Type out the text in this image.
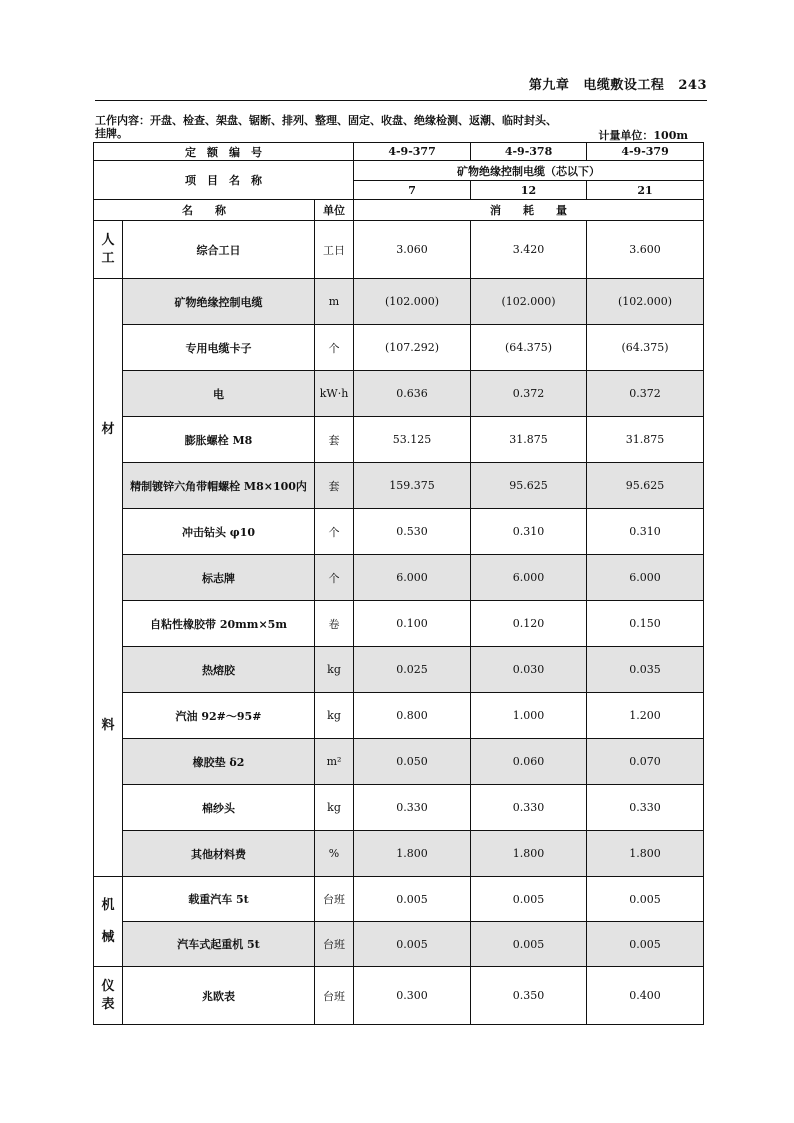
第九章 电缆敷设工程 243
工作内容：开盘、检查、架盘、锯断、排列、整理、固定、收盘、绝缘检测、返潮、临时封头、挂牌。	计量单位：100m
定　额　编　号			4-9-377	4-9-378	4-9-379
项　目　名　称			矿物绝缘控制电缆（芯以下）		
			7	12	21
名　　称		单位	消　　耗　　量		

人工	综合工日	工日	3.060	3.420	3.600

材
料	矿物绝缘控制电缆	m	(102.000)	(102.000)	(102.000)
	专用电缆卡子	个	(107.292)	(64.375)	(64.375)
	电	kW·h	0.636	0.372	0.372
	膨胀螺栓 M8	套	53.125	31.875	31.875
	精制镀锌六角带帽螺栓 M8×100内	套	159.375	95.625	95.625
	冲击钻头 φ10	个	0.530	0.310	0.310
	标志牌	个	6.000	6.000	6.000
	自粘性橡胶带 20mm×5m	卷	0.100	0.120	0.150
	热熔胶	kg	0.025	0.030	0.035
	汽油 92#～95#	kg	0.800	1.000	1.200
	橡胶垫 δ2	m²	0.050	0.060	0.070
	棉纱头	kg	0.330	0.330	0.330
	其他材料费	%	1.800	1.800	1.800

机
械	载重汽车 5t	台班	0.005	0.005	0.005
	汽车式起重机 5t	台班	0.005	0.005	0.005

仪表	兆欧表	台班	0.300	0.350	0.400
